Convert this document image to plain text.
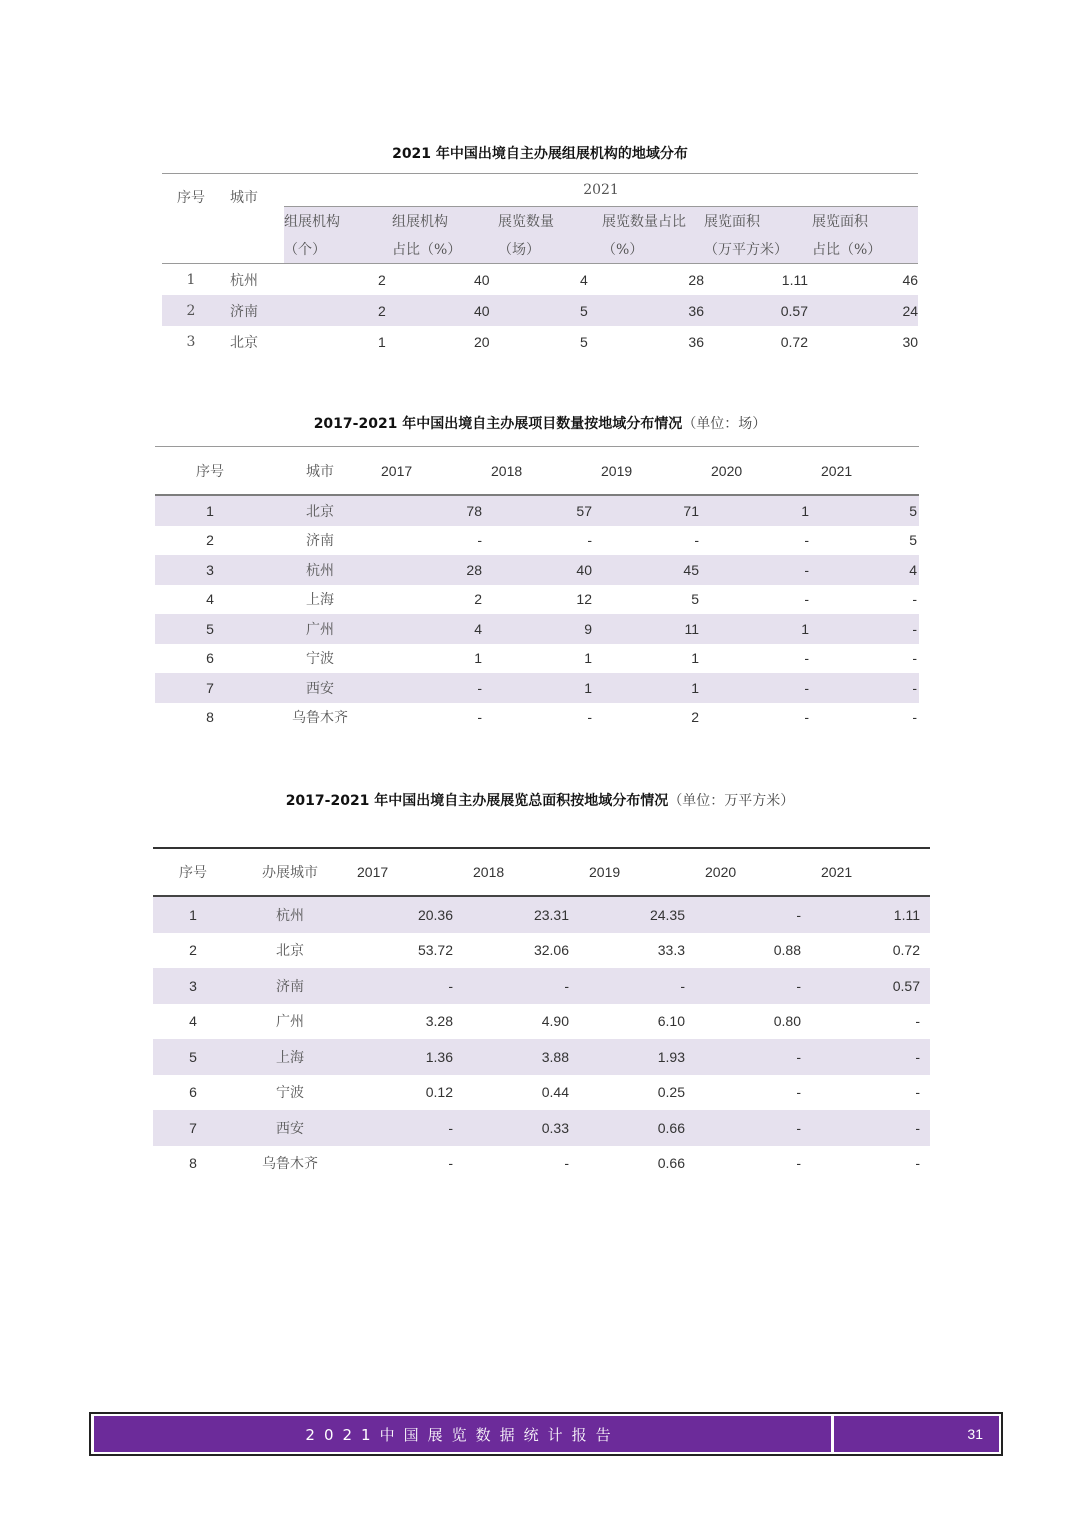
2021 年中国出境自主办展组展机构的地域分布
序号	城市	2021					
		组展机构	组展机构	展览数量	展览数量占比	展览面积	展览面积
		（个）	占比（%）	（场）	（%）	（万平方米）	占比（%）
1	杭州	2	40	4	28	1.11	46
2	济南	2	40	5	36	0.57	24
3	北京	1	20	5	36	0.72	30
2017-2021 年中国出境自主办展项目数量按地域分布情况（单位：场）
序号	城市	2017	2018	2019	2020	2021
1	北京	78	57	71	1	5
2	济南	-	-	-	-	5
3	杭州	28	40	45	-	4
4	上海	2	12	5	-	-
5	广州	4	9	11	1	-
6	宁波	1	1	1	-	-
7	西安	-	1	1	-	-
8	乌鲁木齐	-	-	2	-	-
2017-2021 年中国出境自主办展展览总面积按地域分布情况（单位：万平方米）
序号	办展城市	2017	2018	2019	2020	2021
1	杭州	20.36	23.31	24.35	-	1.11
2	北京	53.72	32.06	33.3	0.88	0.72
3	济南	-	-	-	-	0.57
4	广州	3.28	4.90	6.10	0.80	-
5	上海	1.36	3.88	1.93	-	-
6	宁波	0.12	0.44	0.25	-	-
7	西安	-	0.33	0.66	-	-
8	乌鲁木齐	-	-	0.66	-	-
2021中国展览数据统计报告	31
